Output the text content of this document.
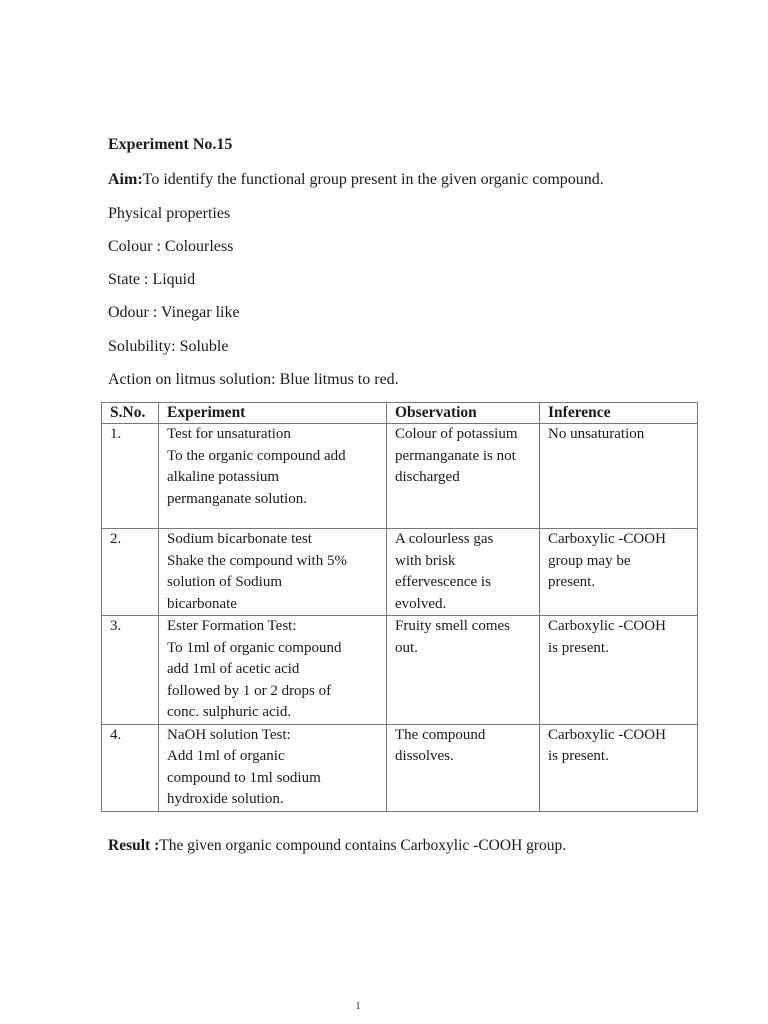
Experiment No.15
Aim:To identify the functional group present in the given organic compound.
Physical properties
Colour : Colourless
State : Liquid
Odour : Vinegar like
Solubility: Soluble
Action on litmus solution: Blue litmus to red.
S.No.	Experiment	Observation	Inference
1.	Test for unsaturation
To the organic compound add
alkaline potassium
permanganate solution.	Colour of potassium
permanganate is not
discharged	No unsaturation

2.	Sodium bicarbonate test
Shake the compound with 5%
solution of Sodium
bicarbonate	A colourless gas
with brisk
effervescence is
evolved.	Carboxylic -COOH
group may be
present.

3.	Ester Formation Test:
To 1ml of organic compound
add 1ml of acetic acid
followed by 1 or 2 drops of
conc. sulphuric acid.	Fruity smell comes
out.	Carboxylic -COOH
is present.

4.	NaOH solution Test:
Add 1ml of organic
compound to 1ml sodium
hydroxide solution.	The compound
dissolves.	Carboxylic -COOH
is present.
Result :The given organic compound contains Carboxylic -COOH group.
1
